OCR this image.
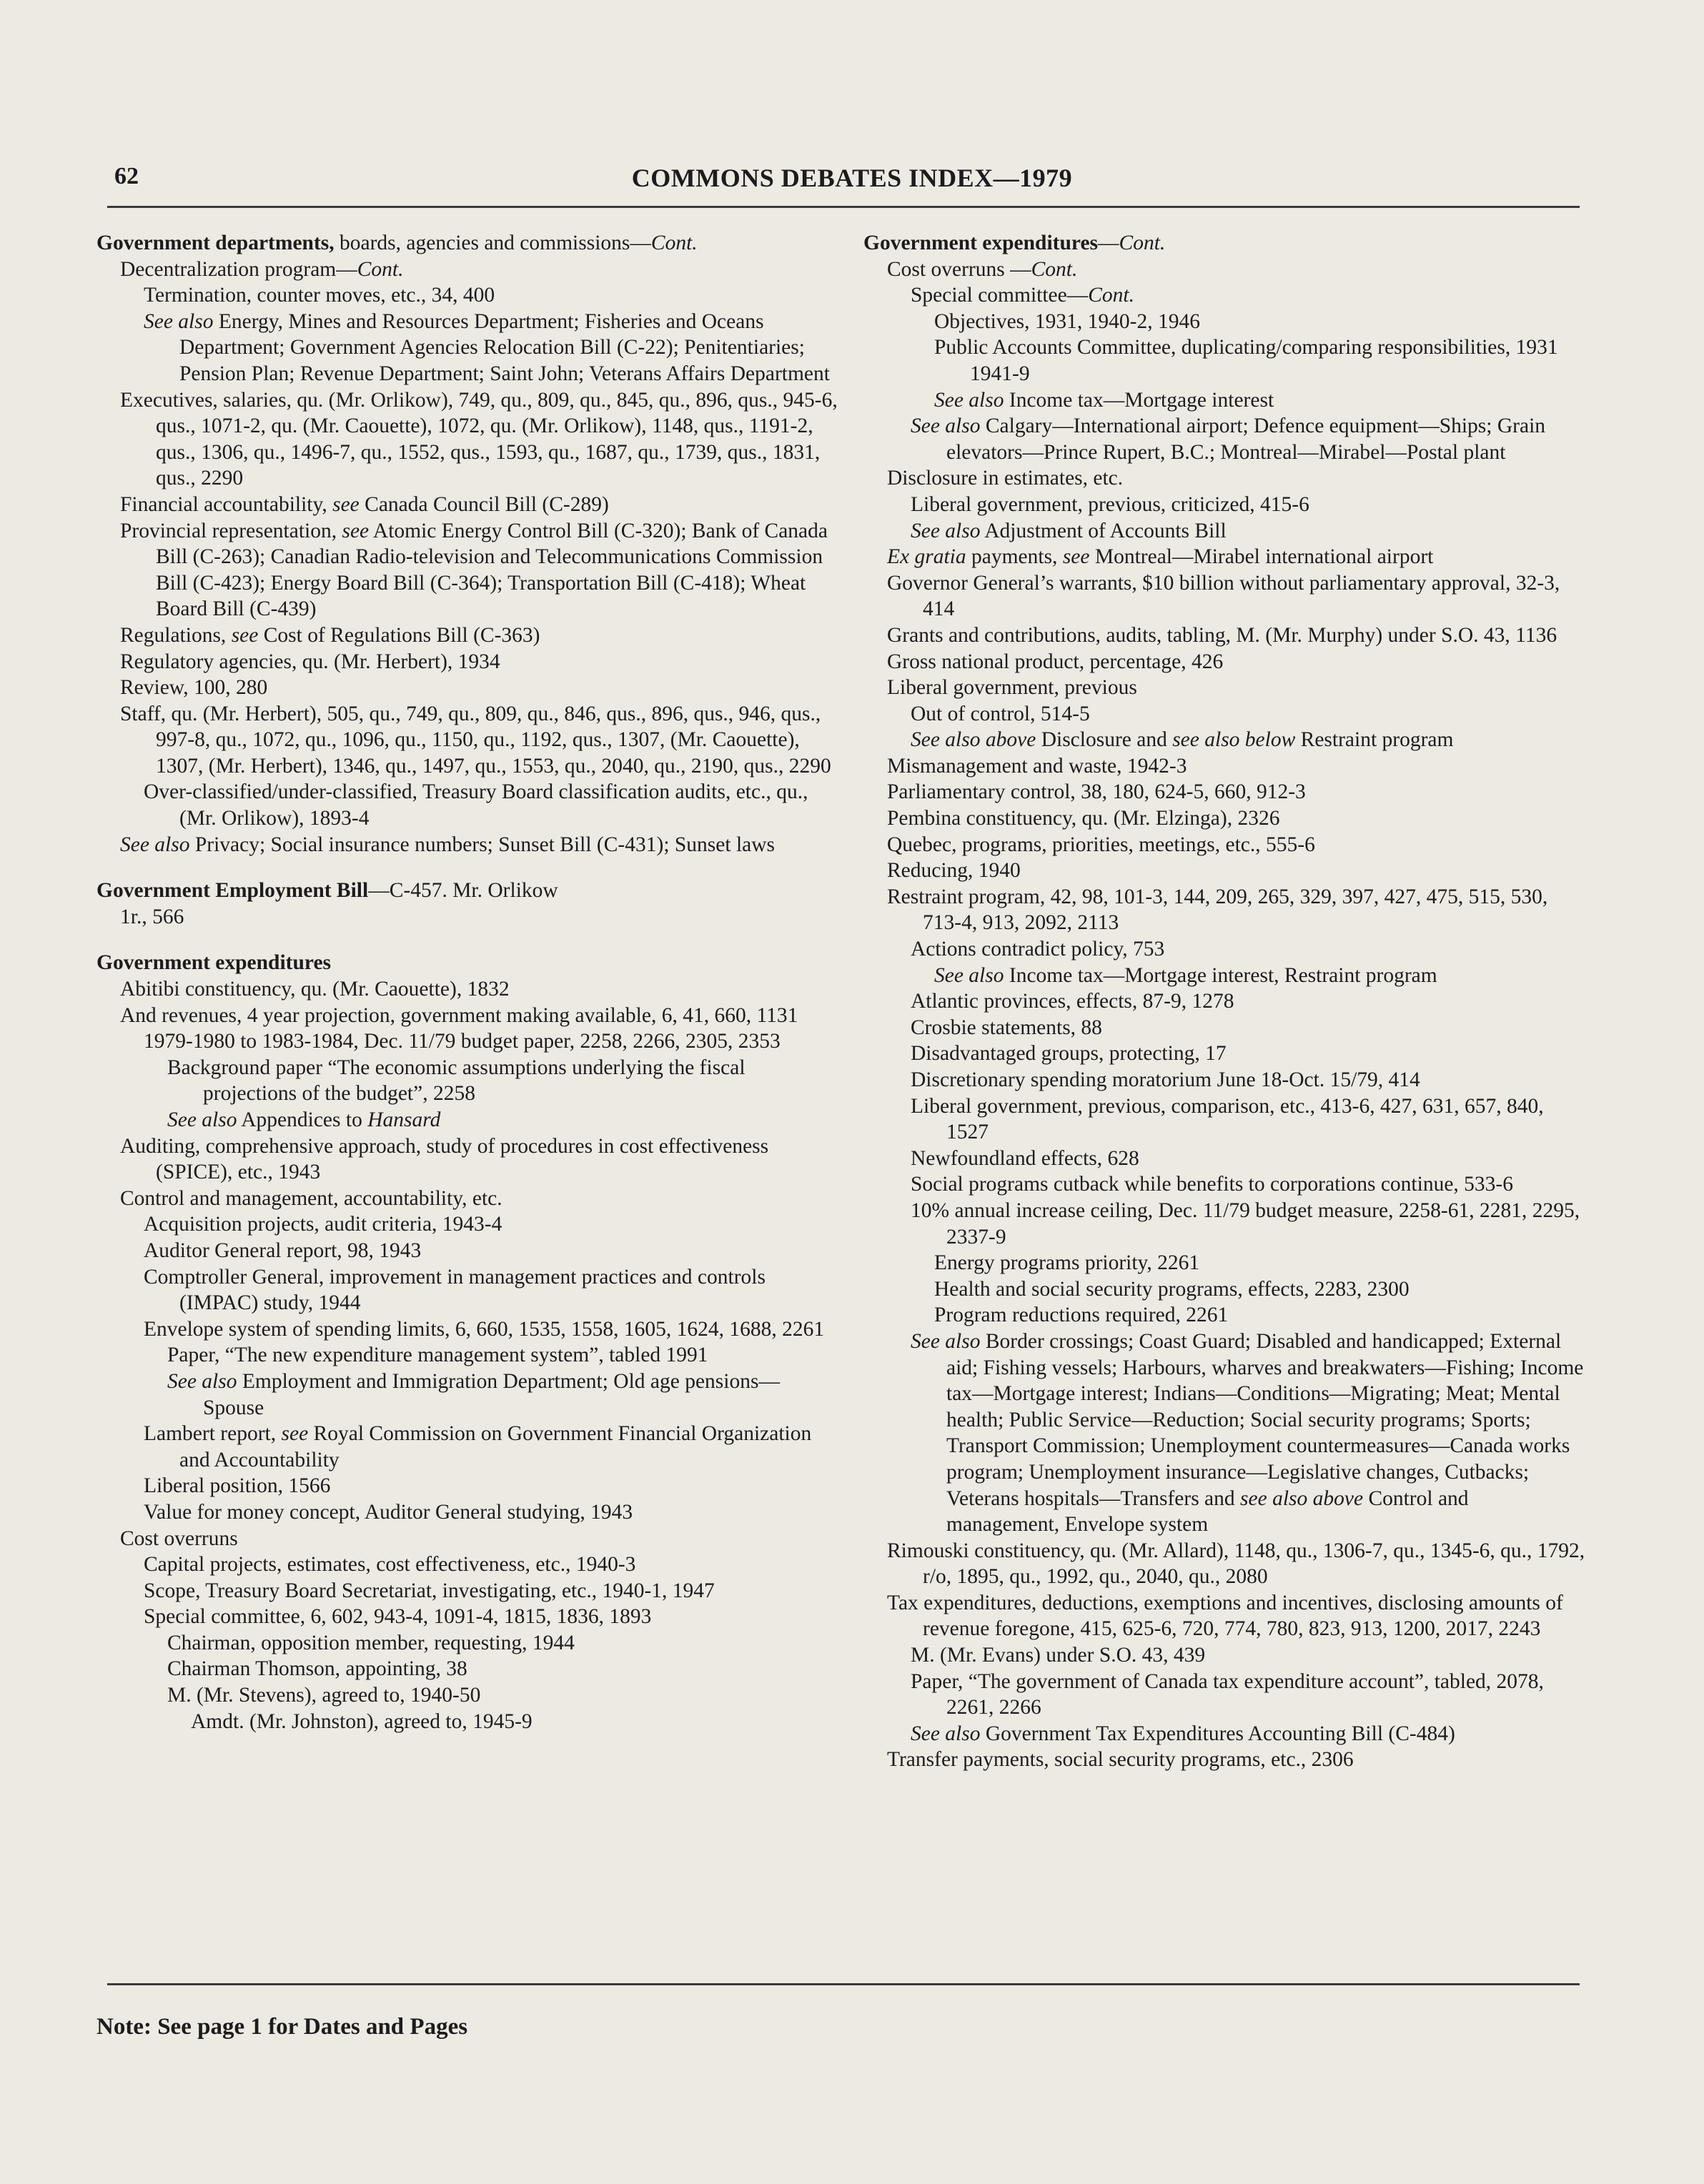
62	COMMONS DEBATES INDEX—1979
Government departments, boards, agencies and commissions—Cont.
Decentralization program—Cont.
Termination, counter moves, etc., 34, 400
See also Energy, Mines and Resources Department; Fisheries and Oceans Department; Government Agencies Relocation Bill (C-22); Penitentiaries; Pension Plan; Revenue Department; Saint John; Veterans Affairs Department
Executives, salaries, qu. (Mr. Orlikow), 749, qu., 809, qu., 845, qu., 896, qus., 945-6, qus., 1071-2, qu. (Mr. Caouette), 1072, qu. (Mr. Orlikow), 1148, qus., 1191-2, qus., 1306, qu., 1496-7, qu., 1552, qus., 1593, qu., 1687, qu., 1739, qus., 1831, qus., 2290
Financial accountability, see Canada Council Bill (C-289)
Provincial representation, see Atomic Energy Control Bill (C-320); Bank of Canada Bill (C-263); Canadian Radio-television and Telecommunications Commission Bill (C-423); Energy Board Bill (C-364); Transportation Bill (C-418); Wheat Board Bill (C-439)
Regulations, see Cost of Regulations Bill (C-363)
Regulatory agencies, qu. (Mr. Herbert), 1934
Review, 100, 280
Staff, qu. (Mr. Herbert), 505, qu., 749, qu., 809, qu., 846, qus., 896, qus., 946, qus., 997-8, qu., 1072, qu., 1096, qu., 1150, qu., 1192, qus., 1307, (Mr. Caouette), 1307, (Mr. Herbert), 1346, qu., 1497, qu., 1553, qu., 2040, qu., 2190, qus., 2290
Over-classified/under-classified, Treasury Board classification audits, etc., qu., (Mr. Orlikow), 1893-4
See also Privacy; Social insurance numbers; Sunset Bill (C-431); Sunset laws
Government Employment Bill—C-457. Mr. Orlikow
1r., 566
Government expenditures
Abitibi constituency, qu. (Mr. Caouette), 1832
And revenues, 4 year projection, government making available, 6, 41, 660, 1131
1979-1980 to 1983-1984, Dec. 11/79 budget paper, 2258, 2266, 2305, 2353
Background paper “The economic assumptions underlying the fiscal projections of the budget”, 2258
See also Appendices to Hansard
Auditing, comprehensive approach, study of procedures in cost effectiveness (SPICE), etc., 1943
Control and management, accountability, etc.
Acquisition projects, audit criteria, 1943-4
Auditor General report, 98, 1943
Comptroller General, improvement in management practices and controls (IMPAC) study, 1944
Envelope system of spending limits, 6, 660, 1535, 1558, 1605, 1624, 1688, 2261
Paper, “The new expenditure management system”, tabled 1991
See also Employment and Immigration Department; Old age pensions—Spouse
Lambert report, see Royal Commission on Government Financial Organization and Accountability
Liberal position, 1566
Value for money concept, Auditor General studying, 1943
Cost overruns
Capital projects, estimates, cost effectiveness, etc., 1940-3
Scope, Treasury Board Secretariat, investigating, etc., 1940-1, 1947
Special committee, 6, 602, 943-4, 1091-4, 1815, 1836, 1893
Chairman, opposition member, requesting, 1944
Chairman Thomson, appointing, 38
M. (Mr. Stevens), agreed to, 1940-50
Amdt. (Mr. Johnston), agreed to, 1945-9
Government expenditures—Cont.
Cost overruns —Cont.
Special committee—Cont.
Objectives, 1931, 1940-2, 1946
Public Accounts Committee, duplicating/comparing responsibilities, 1931 1941-9
See also Income tax—Mortgage interest
See also Calgary—International airport; Defence equipment—Ships; Grain elevators—Prince Rupert, B.C.; Montreal—Mirabel—Postal plant
Disclosure in estimates, etc.
Liberal government, previous, criticized, 415-6
See also Adjustment of Accounts Bill
Ex gratia payments, see Montreal—Mirabel international airport
Governor General’s warrants, $10 billion without parliamentary approval, 32-3, 414
Grants and contributions, audits, tabling, M. (Mr. Murphy) under S.O. 43, 1136
Gross national product, percentage, 426
Liberal government, previous
Out of control, 514-5
See also above Disclosure and see also below Restraint program
Mismanagement and waste, 1942-3
Parliamentary control, 38, 180, 624-5, 660, 912-3
Pembina constituency, qu. (Mr. Elzinga), 2326
Quebec, programs, priorities, meetings, etc., 555-6
Reducing, 1940
Restraint program, 42, 98, 101-3, 144, 209, 265, 329, 397, 427, 475, 515, 530, 713-4, 913, 2092, 2113
Actions contradict policy, 753
See also Income tax—Mortgage interest, Restraint program
Atlantic provinces, effects, 87-9, 1278
Crosbie statements, 88
Disadvantaged groups, protecting, 17
Discretionary spending moratorium June 18-Oct. 15/79, 414
Liberal government, previous, comparison, etc., 413-6, 427, 631, 657, 840, 1527
Newfoundland effects, 628
Social programs cutback while benefits to corporations continue, 533-6
10% annual increase ceiling, Dec. 11/79 budget measure, 2258-61, 2281, 2295, 2337-9
Energy programs priority, 2261
Health and social security programs, effects, 2283, 2300
Program reductions required, 2261
See also Border crossings; Coast Guard; Disabled and handicapped; External aid; Fishing vessels; Harbours, wharves and breakwaters—Fishing; Income tax—Mortgage interest; Indians—Conditions—Migrating; Meat; Mental health; Public Service—Reduction; Social security programs; Sports; Transport Commission; Unemployment countermeasures—Canada works program; Unemployment insurance—Legislative changes, Cutbacks; Veterans hospitals—Transfers and see also above Control and management, Envelope system
Rimouski constituency, qu. (Mr. Allard), 1148, qu., 1306-7, qu., 1345-6, qu., 1792, r/o, 1895, qu., 1992, qu., 2040, qu., 2080
Tax expenditures, deductions, exemptions and incentives, disclosing amounts of revenue foregone, 415, 625-6, 720, 774, 780, 823, 913, 1200, 2017, 2243
M. (Mr. Evans) under S.O. 43, 439
Paper, “The government of Canada tax expenditure account”, tabled, 2078, 2261, 2266
See also Government Tax Expenditures Accounting Bill (C-484)
Transfer payments, social security programs, etc., 2306
Note: See page 1 for Dates and Pages
